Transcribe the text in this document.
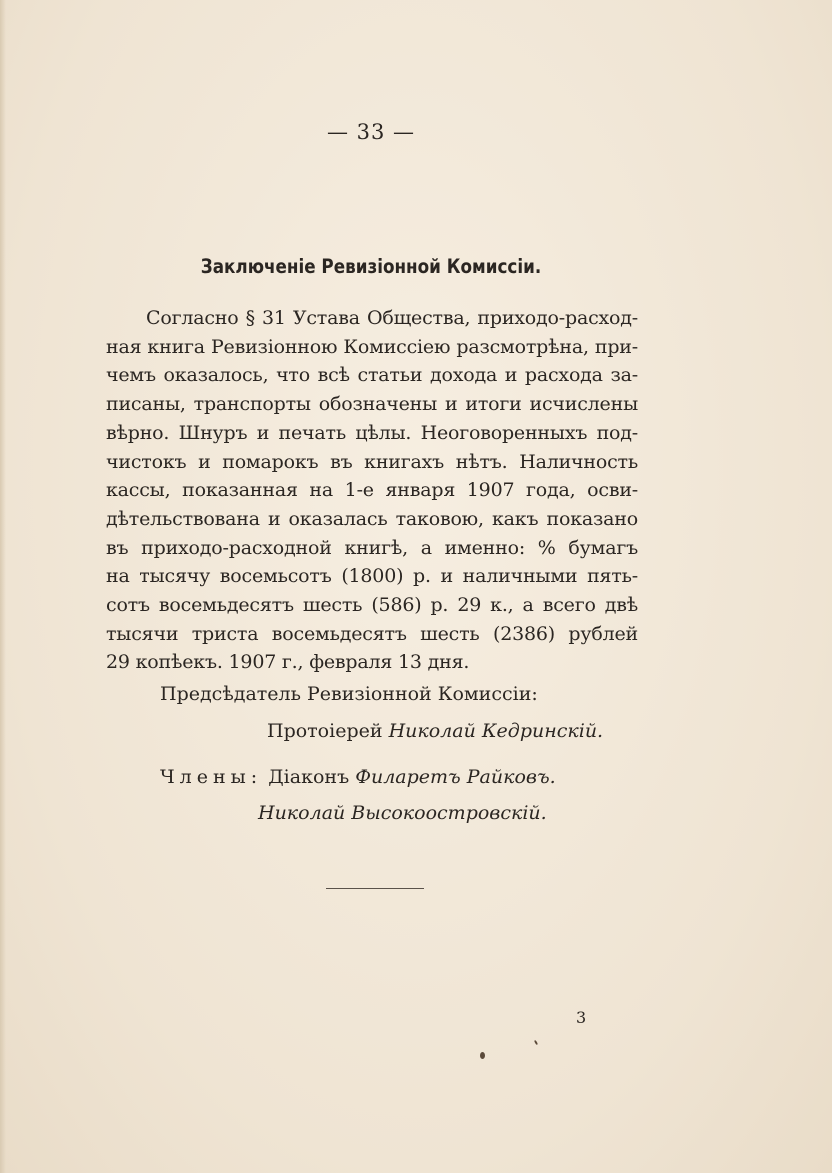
— 33 —
Заключеніе Ревизіонной Комиссіи.
Согласно § 31 Устава Общества, приходо-расход-
ная книга Ревизіонною Комиссіею разсмотрѣна, при-
чемъ оказалось, что всѣ статьи дохода и расхода за-
писаны, транспорты обозначены и итоги исчислены
вѣрно. Шнуръ и печать цѣлы. Неоговоренныхъ под-
чистокъ и помарокъ въ книгахъ нѣтъ. Наличность
кассы, показанная на 1-е января 1907 года, осви-
дѣтельствована и оказалась таковою, какъ показано
въ приходо-расходной книгѣ, а именно: % бумагъ
на тысячу восемьсотъ (1800) р. и наличными пять-
сотъ восемьдесятъ шесть (586) р. 29 к., а всего двѣ
тысячи триста восемьдесятъ шесть (2386) рублей
29 копѣекъ. 1907 г., февраля 13 дня.
Предсѣдатель Ревизіонной Комиссіи:
Протоіерей Николай Кедринскій.
Члены: Діаконъ Филаретъ Райковъ.
Николай Высокоостровскій.
3
